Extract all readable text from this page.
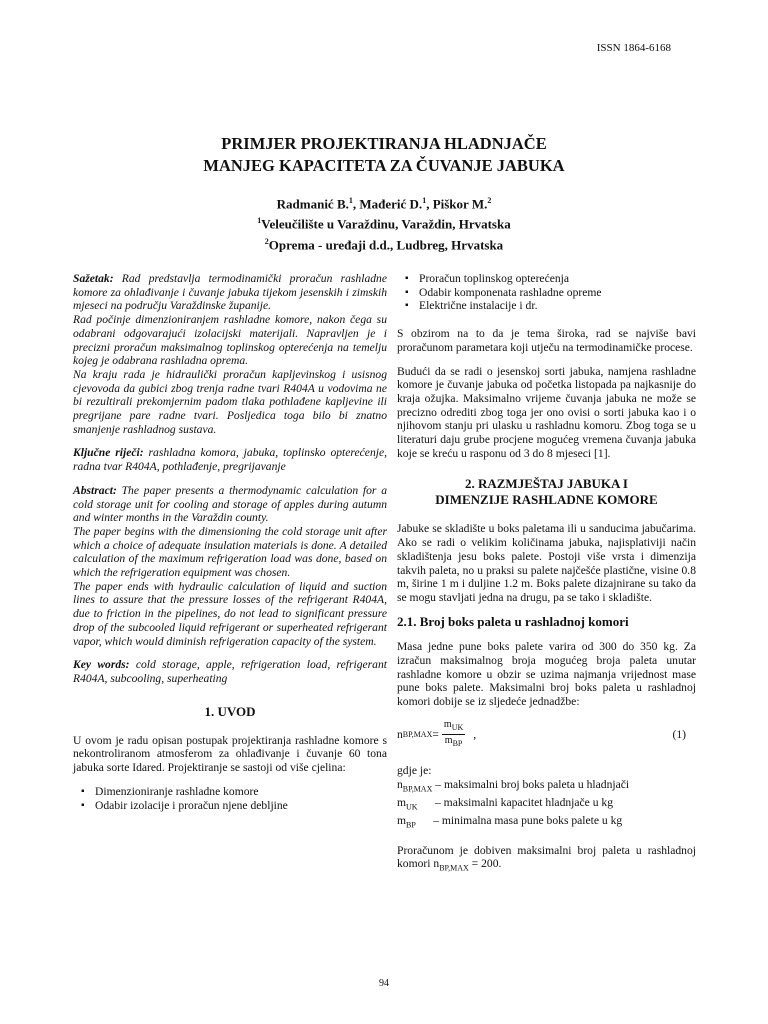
ISSN 1864-6168
PRIMJER PROJEKTIRANJA HLADNJAČE
MANJEG KAPACITETA ZA ČUVANJE JABUKA
Radmanić B.$^1$, Mađerić D.$^1$, Piškor M.$^2$
$^1$Veleučilište u Varaždinu, Varaždin, Hrvatska
$^2$Oprema - uređaji d.d., Ludbreg, Hrvatska

Sažetak: Rad predstavlja termodinamički proračun rashladne komore za ohlađivanje i čuvanje jabuka tijekom jesenskih i zimskih mjeseci na području Varaždinske županije.

Rad počinje dimenzioniranjem rashladne komore, nakon čega su odabrani odgovarajući izolacijski materijali. Napravljen je i precizni proračun maksimalnog toplinskog opterećenja na temelju kojeg je odabrana rashladna oprema.

Na kraju rada je hidraulički proračun kapljevinskog i usisnog cjevovoda da gubici zbog trenja radne tvari R404A u vodovima ne bi rezultirali prekomjernim padom tlaka pothlađene kapljevine ili pregrijane pare radne tvari. Posljedica toga bilo bi znatno smanjenje rashladnog sustava.

Ključne riječi: rashladna komora, jabuka, toplinsko opterećenje, radna tvar R404A, pothlađenje, pregrijavanje

Abstract: The paper presents a thermodynamic calculation for a cold storage unit for cooling and storage of apples during autumn and winter months in the Varaždin county.

The paper begins with the dimensioning the cold storage unit after which a choice of adequate insulation materials is done. A detailed calculation of the maximum refrigeration load was done, based on which the refrigeration equipment was chosen.

The paper ends with hydraulic calculation of liquid and suction lines to assure that the pressure losses of the refrigerant R404A, due to friction in the pipelines, do not lead to significant pressure drop of the subcooled liquid refrigerant or superheated refrigerant vapor, which would diminish refrigeration capacity of the system.

Key words: cold storage, apple, refrigeration load, refrigerant R404A, subcooling, superheating

1. UVOD

U ovom je radu opisan postupak projektiranja rashladne komore s nekontroliranom atmosferom za ohlađivanje i čuvanje 60 tona jabuka sorte Idared. Projektiranje se sastoji od više cjelina:

▪ Dimenzioniranje rashladne komore
▪ Odabir izolacije i proračun njene debljine
▪ Proračun toplinskog opterećenja
▪ Odabir komponenata rashladne opreme
▪ Električne instalacije i dr.

S obzirom na to da je tema široka, rad se najviše bavi proračunom parametara koji utječu na termodinamičke procese.

Budući da se radi o jesenskoj sorti jabuka, namjena rashladne komore je čuvanje jabuka od početka listopada pa najkasnije do kraja ožujka. Maksimalno vrijeme čuvanja jabuka ne može se precizno odrediti zbog toga jer ono ovisi o sorti jabuka kao i o njihovom stanju pri ulasku u rashladnu komoru. Zbog toga se u literaturi daju grube procjene mogućeg vremena čuvanja jabuka koje se kreću u rasponu od 3 do 8 mjeseci [1].

2. RAZMJEŠTAJ JABUKA I
DIMENZIJE RASHLADNE KOMORE

Jabuke se skladište u boks paletama ili u sanducima jabučarima. Ako se radi o velikim količinama jabuka, najisplativiji način skladištenja jesu boks palete. Postoji više vrsta i dimenzija takvih paleta, no u praksi su palete najčešće plastične, visine 0.8 m, širine 1 m i duljine 1.2 m. Boks palete dizajnirane su tako da se mogu stavljati jedna na drugu, pa se tako i skladište.

2.1. Broj boks paleta u rashladnoj komori

Masa jedne pune boks palete varira od 300 do 350 kg. Za izračun maksimalnog broja mogućeg broja paleta unutar rashladne komore u obzir se uzima najmanja vrijednost mase pune boks palete. Maksimalni broj boks paleta u rashladnoj komori dobije se iz sljedeće jednadžbe:

n $BP,MAX = \frac{m_{UK}}{m_{BP}}$ ,	(1)

gdje je:

$n_{BP,MAX}$ – maksimalni broj boks paleta u hladnjači

$m_{UK}$      – maksimalni kapacitet hladnjače u kg

$m_{BP}$      – minimalna masa pune boks palete u kg

Proračunom je dobiven maksimalni broj paleta u rashladnoj komori $n_{BP,MAX} = 200$.

94
